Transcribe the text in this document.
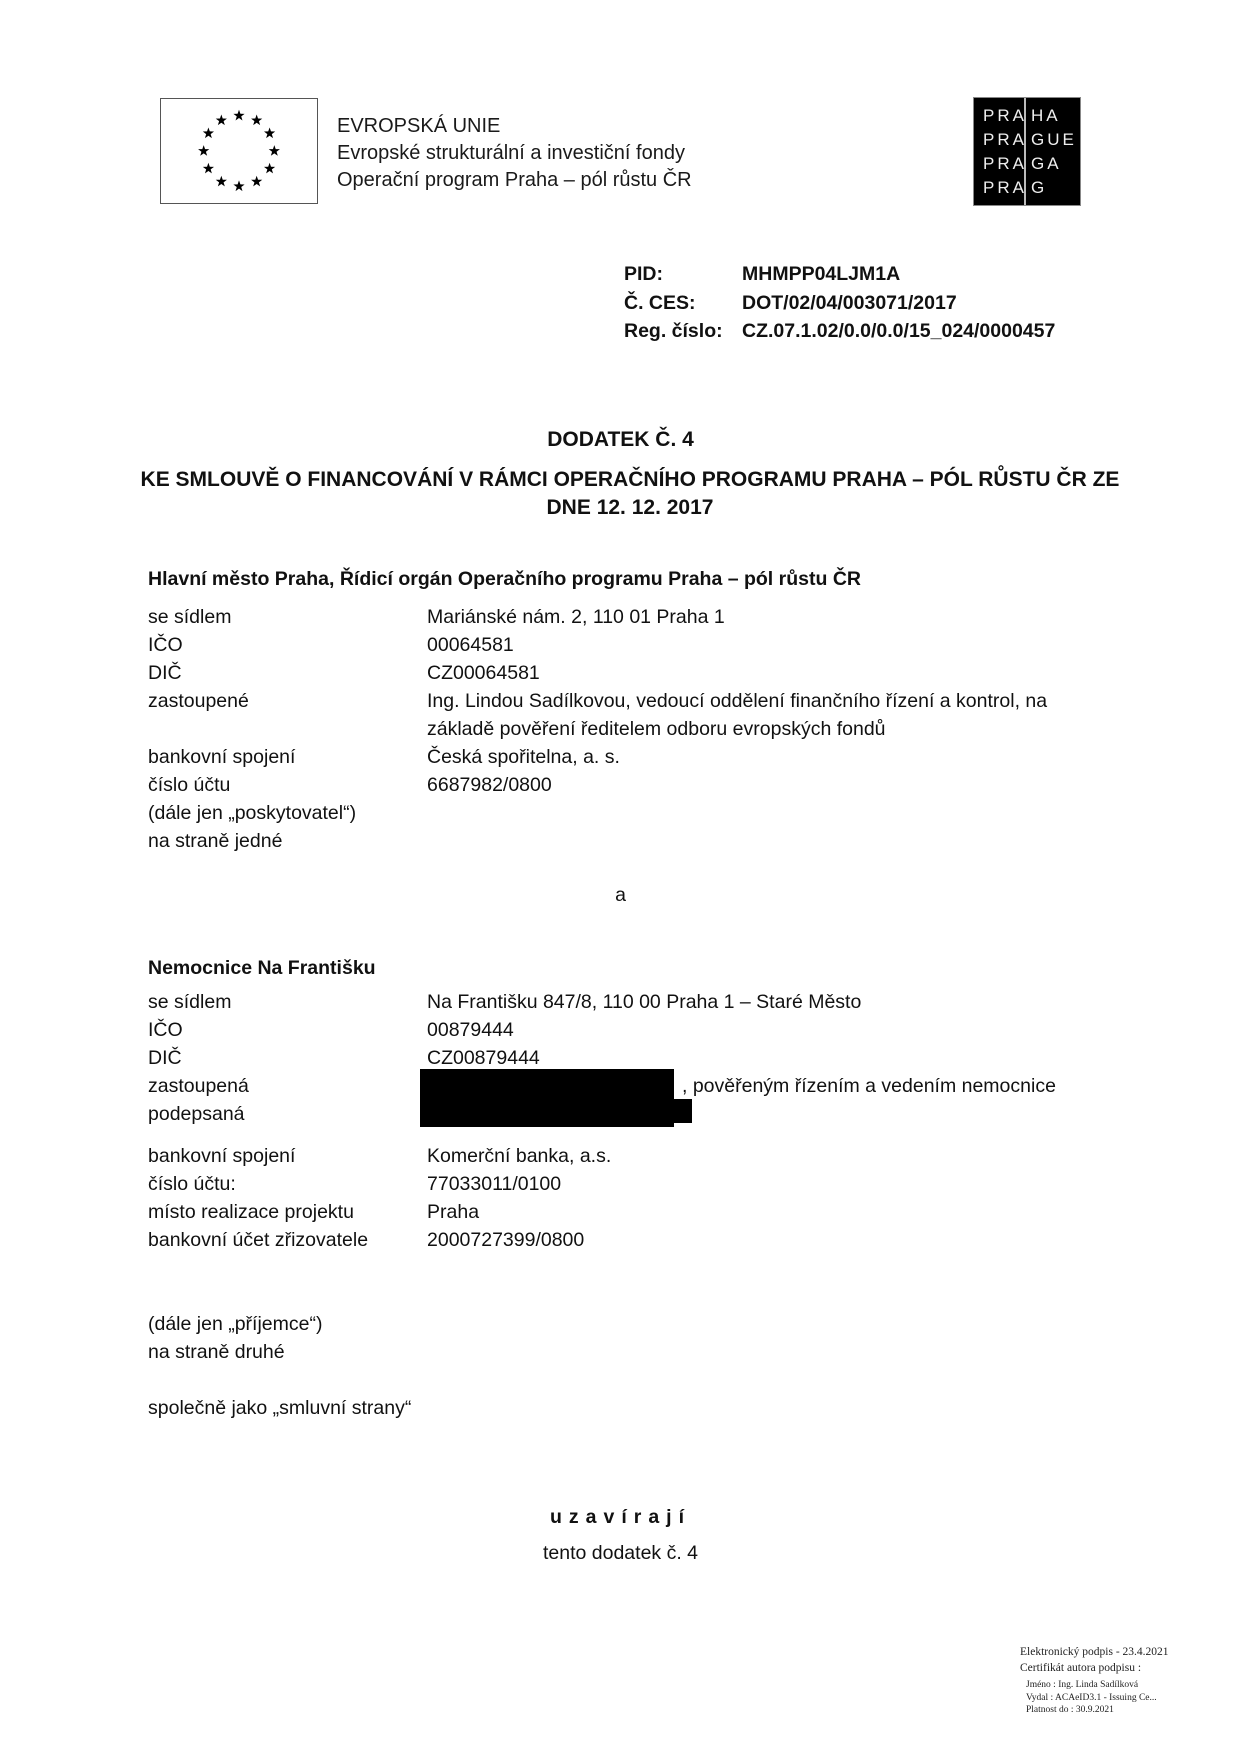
EVROPSKÁ UNIE
Evropské strukturální a investiční fondy
Operační program Praha – pól růstu ČR
PRA
PRA
PRA
PRA
HA
GUE
GA
G
PID:	MHMPP04LJM1A
Č. CES:	DOT/02/04/003071/2017
Reg. číslo: CZ.07.1.02/0.0/0.0/15_024/0000457
DODATEK Č. 4
KE SMLOUVĚ O FINANCOVÁNÍ V RÁMCI OPERAČNÍHO PROGRAMU PRAHA – PÓL RŮSTU ČR ZE DNE 12. 12. 2017
Hlavní město Praha, Řídicí orgán Operačního programu Praha – pól růstu ČR
se sídlem	Mariánské nám. 2, 110 01 Praha 1
IČO	00064581
DIČ	CZ00064581
zastoupené	Ing. Lindou Sadílkovou, vedoucí oddělení finančního řízení a kontrol, na základě pověření ředitelem odboru evropských fondů
bankovní spojení	Česká spořitelna, a. s.
číslo účtu	6687982/0800
(dále jen „poskytovatel“)
na straně jedné
a
Nemocnice Na Františku
se sídlem	Na Františku 847/8, 110 00 Praha 1 – Staré Město
IČO	00879444
DIČ	CZ00879444
zastoupená	, pověřeným řízením a vedením nemocnice
podepsaná
bankovní spojení	Komerční banka, a.s.
číslo účtu:	77033011/0100
místo realizace projektu	Praha
bankovní účet zřizovatele	2000727399/0800
(dále jen „příjemce“)
na straně druhé
společně jako „smluvní strany“
uzavírají
tento dodatek č. 4
Elektronický podpis - 23.4.2021
Certifikát autora podpisu :
Jméno : Ing. Linda Sadílková
Vydal : ACAeID3.1 - Issuing Ce...
Platnost do : 30.9.2021
